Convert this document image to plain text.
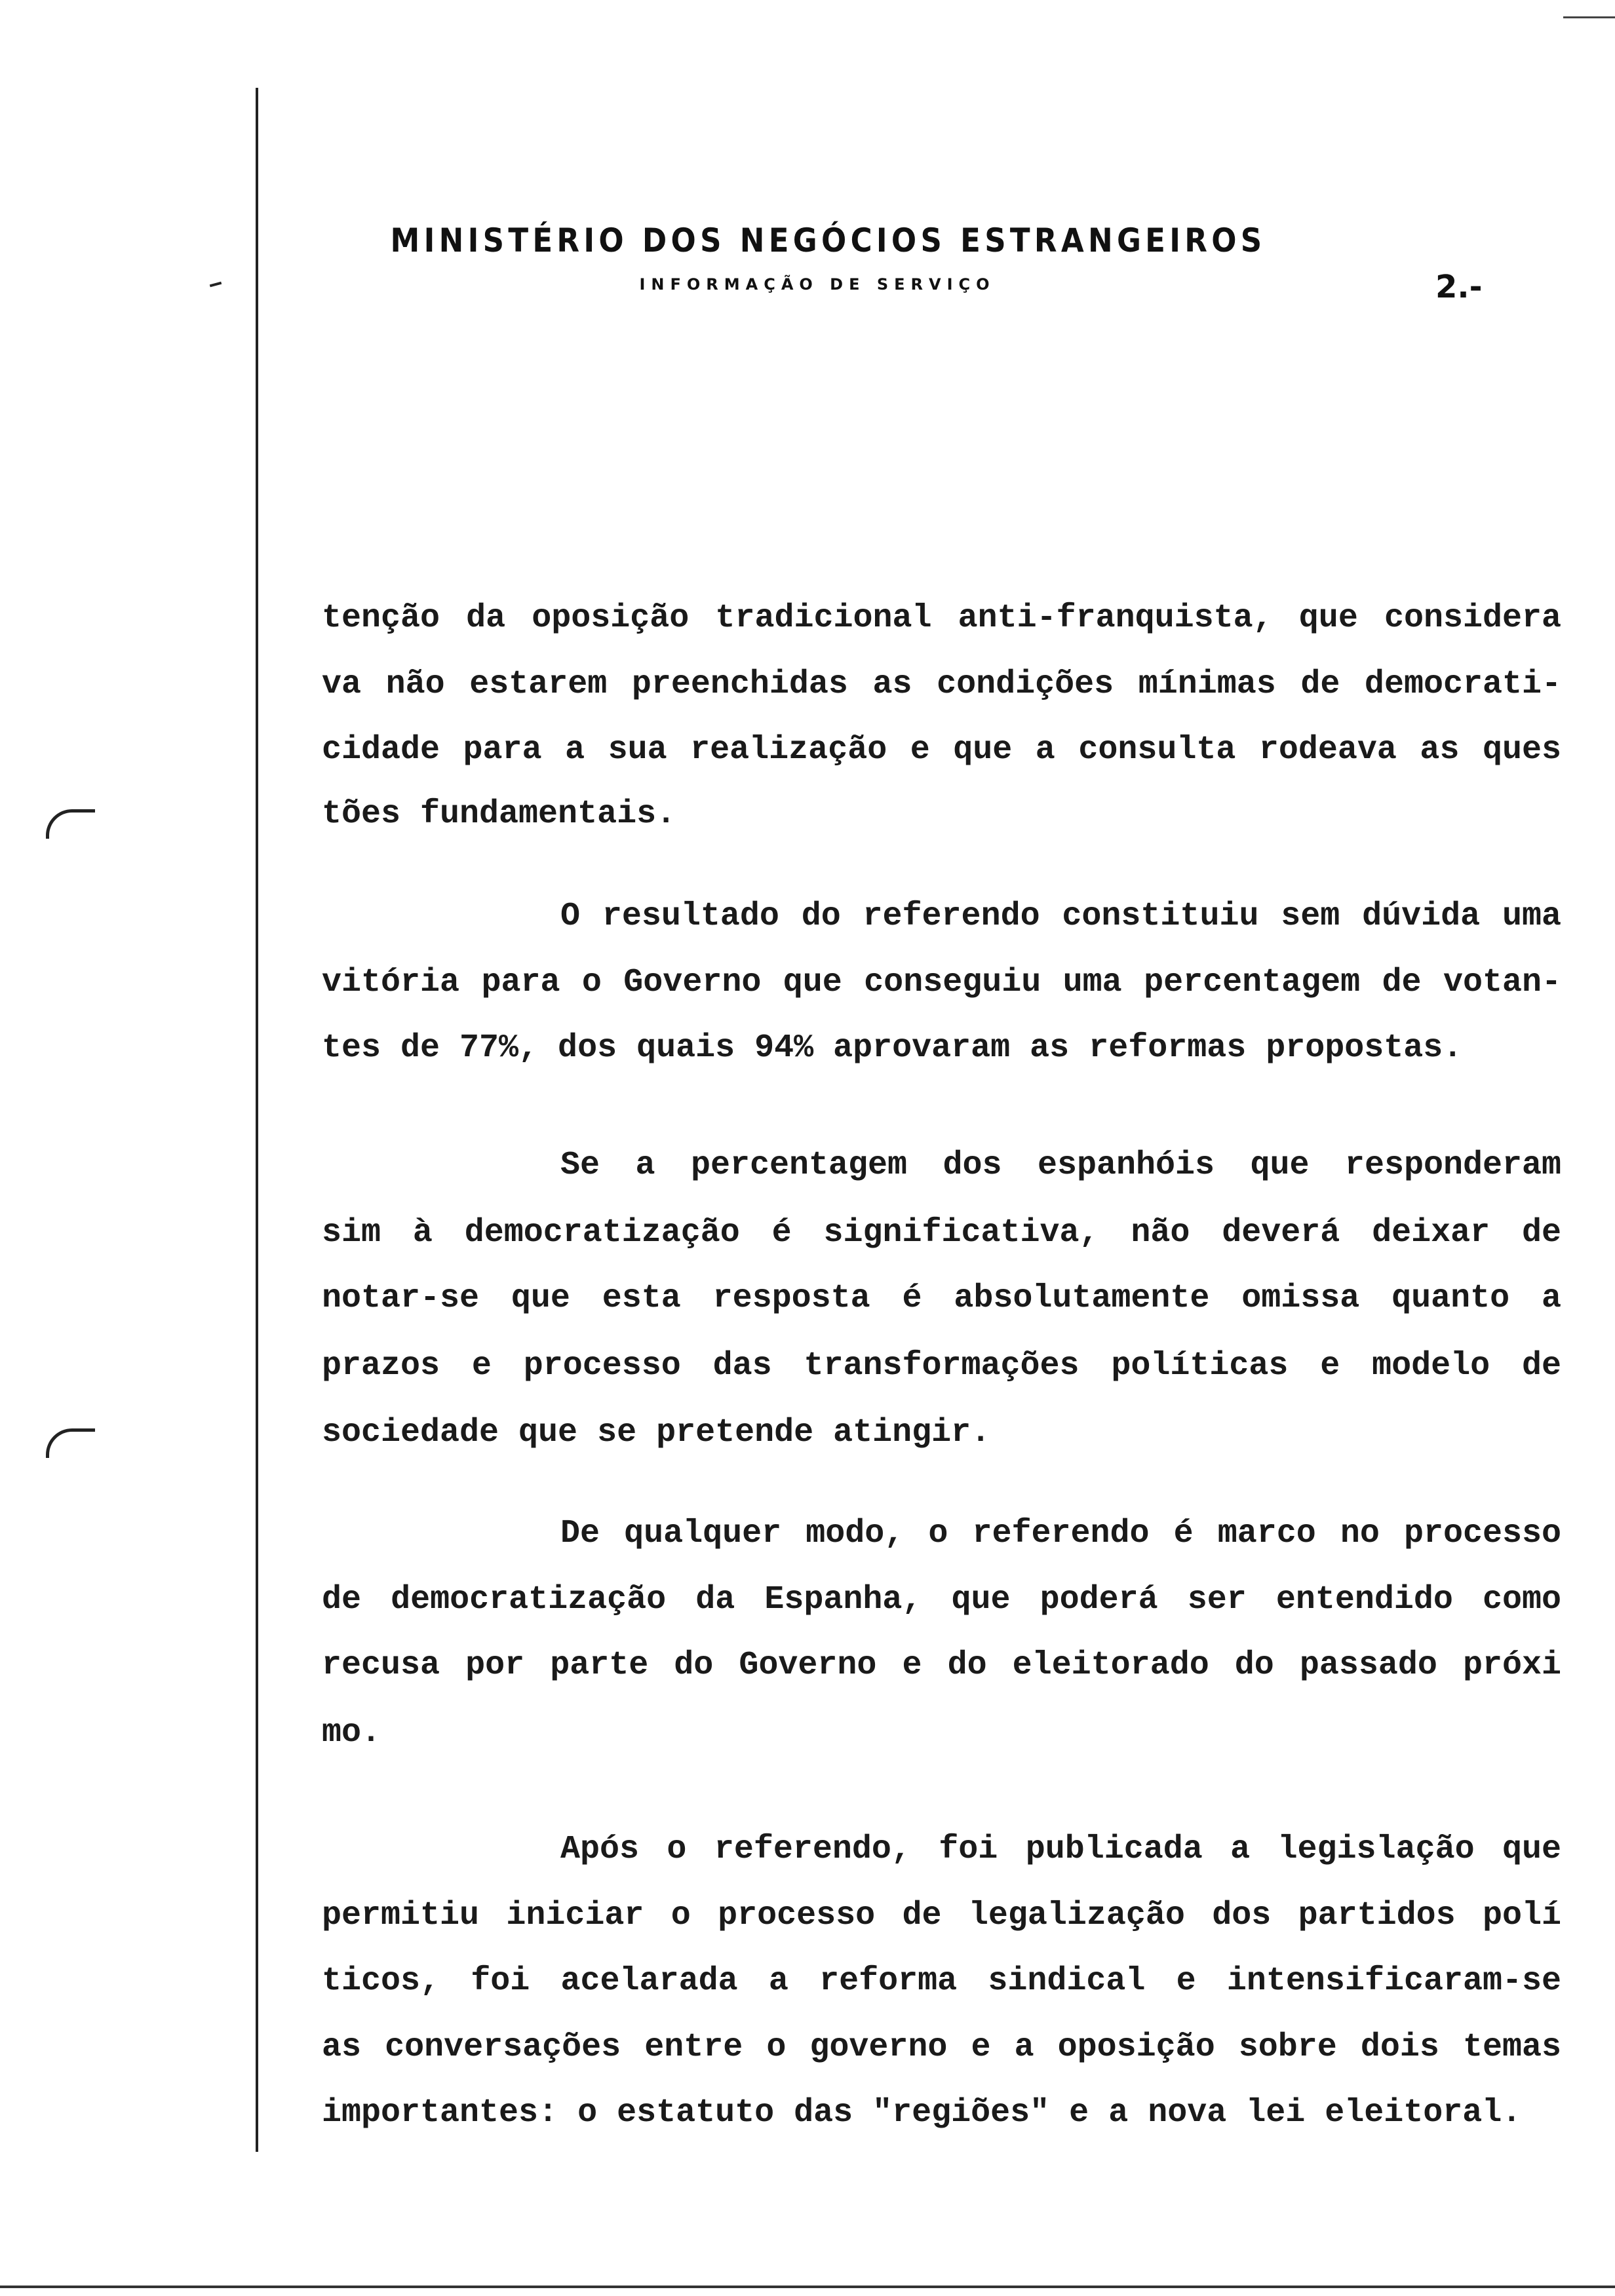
MINISTÉRIO DOS NEGÓCIOS ESTRANGEIROS
INFORMAÇÃO DE SERVIÇO	2.-
tenção da oposição tradicional anti-franquista, que considera
va não estarem preenchidas as condições mínimas de democrati-
cidade para a sua realização e que a consulta rodeava as ques
tões fundamentais.
O resultado do referendo constituiu sem dúvida uma
vitória para o Governo que conseguiu uma percentagem de votan-
tes de 77%, dos quais 94% aprovaram as reformas propostas.
Se a percentagem dos espanhóis que responderam
sim à democratização é significativa, não deverá deixar de
notar-se que esta resposta é absolutamente omissa quanto a
prazos e processo das transformações políticas e modelo de
sociedade que se pretende atingir.
De qualquer modo, o referendo é marco no processo
de democratização da Espanha, que poderá ser entendido como
recusa por parte do Governo e do eleitorado do passado próxi
mo.
Após o referendo, foi publicada a legislação que
permitiu iniciar o processo de legalização dos partidos polí
ticos, foi acelarada a reforma sindical e intensificaram-se
as conversações entre o governo e a oposição sobre dois temas
importantes: o estatuto das "regiões" e a nova lei eleitoral.
